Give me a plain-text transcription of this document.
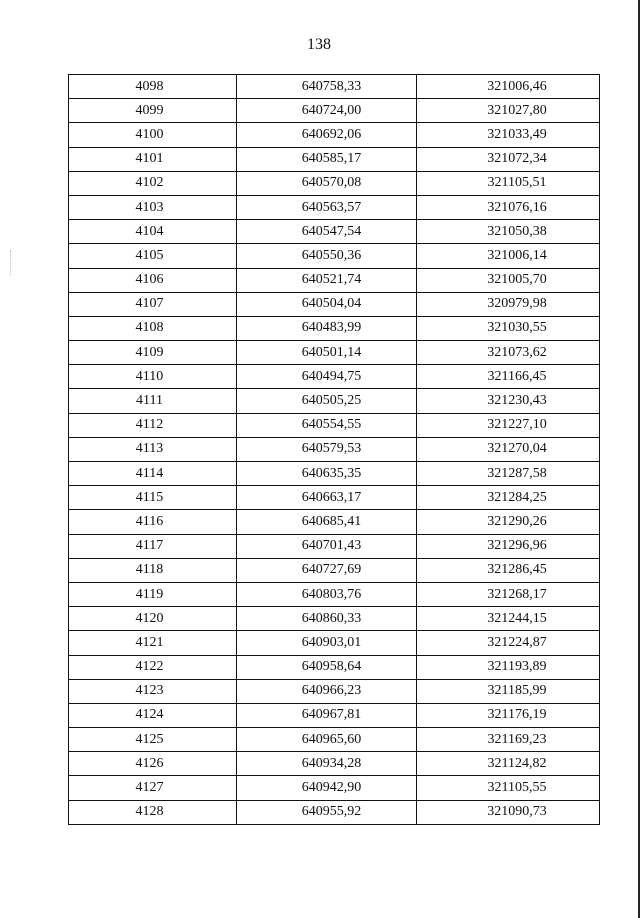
138
4098	640758,33	321006,46
4099	640724,00	321027,80
4100	640692,06	321033,49
4101	640585,17	321072,34
4102	640570,08	321105,51
4103	640563,57	321076,16
4104	640547,54	321050,38
4105	640550,36	321006,14
4106	640521,74	321005,70
4107	640504,04	320979,98
4108	640483,99	321030,55
4109	640501,14	321073,62
4110	640494,75	321166,45
4111	640505,25	321230,43
4112	640554,55	321227,10
4113	640579,53	321270,04
4114	640635,35	321287,58
4115	640663,17	321284,25
4116	640685,41	321290,26
4117	640701,43	321296,96
4118	640727,69	321286,45
4119	640803,76	321268,17
4120	640860,33	321244,15
4121	640903,01	321224,87
4122	640958,64	321193,89
4123	640966,23	321185,99
4124	640967,81	321176,19
4125	640965,60	321169,23
4126	640934,28	321124,82
4127	640942,90	321105,55
4128	640955,92	321090,73
